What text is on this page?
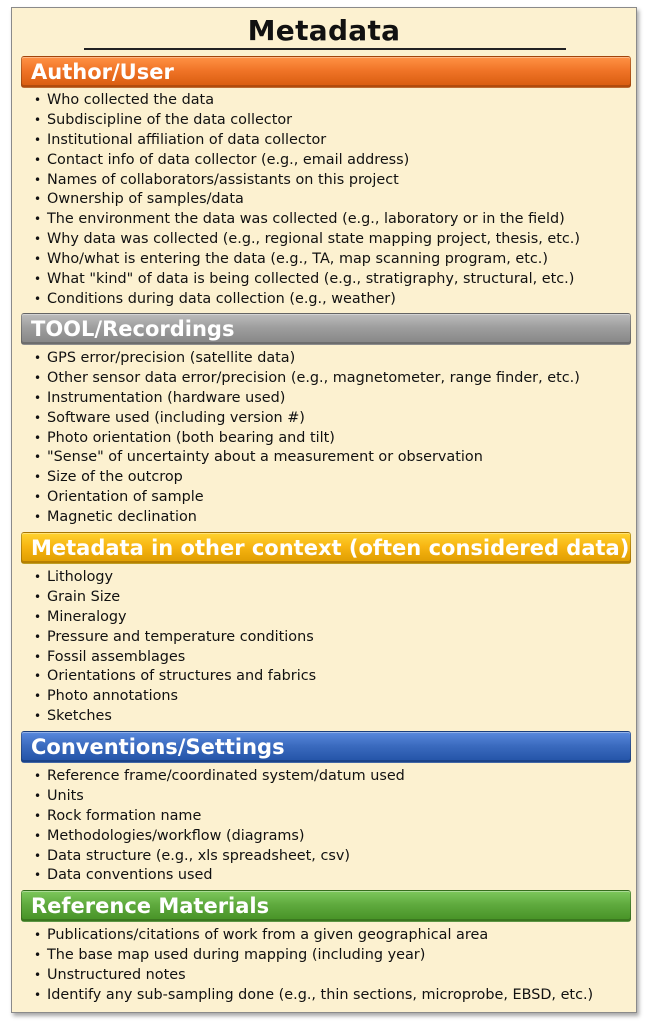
Metadata
Author/User
• Who collected the data
• Subdiscipline of the data collector
• Institutional affiliation of data collector
• Contact info of data collector (e.g., email address)
• Names of collaborators/assistants on this project
• Ownership of samples/data
• The environment the data was collected (e.g., laboratory or in the field)
• Why data was collected (e.g., regional state mapping project, thesis, etc.)
• Who/what is entering the data (e.g., TA, map scanning program, etc.)
• What "kind" of data is being collected (e.g., stratigraphy, structural, etc.)
• Conditions during data collection (e.g., weather)
TOOL/Recordings
• GPS error/precision (satellite data)
• Other sensor data error/precision (e.g., magnetometer, range finder, etc.)
• Instrumentation (hardware used)
• Software used (including version #)
• Photo orientation (both bearing and tilt)
• "Sense" of uncertainty about a measurement or observation
• Size of the outcrop
• Orientation of sample
• Magnetic declination
Metadata in other context (often considered data)
• Lithology
• Grain Size
• Mineralogy
• Pressure and temperature conditions
• Fossil assemblages
• Orientations of structures and fabrics
• Photo annotations
• Sketches
Conventions/Settings
• Reference frame/coordinated system/datum used
• Units
• Rock formation name
• Methodologies/workflow (diagrams)
• Data structure (e.g., xls spreadsheet, csv)
• Data conventions used
Reference Materials
• Publications/citations of work from a given geographical area
• The base map used during mapping (including year)
• Unstructured notes
• Identify any sub-sampling done (e.g., thin sections, microprobe, EBSD, etc.)
